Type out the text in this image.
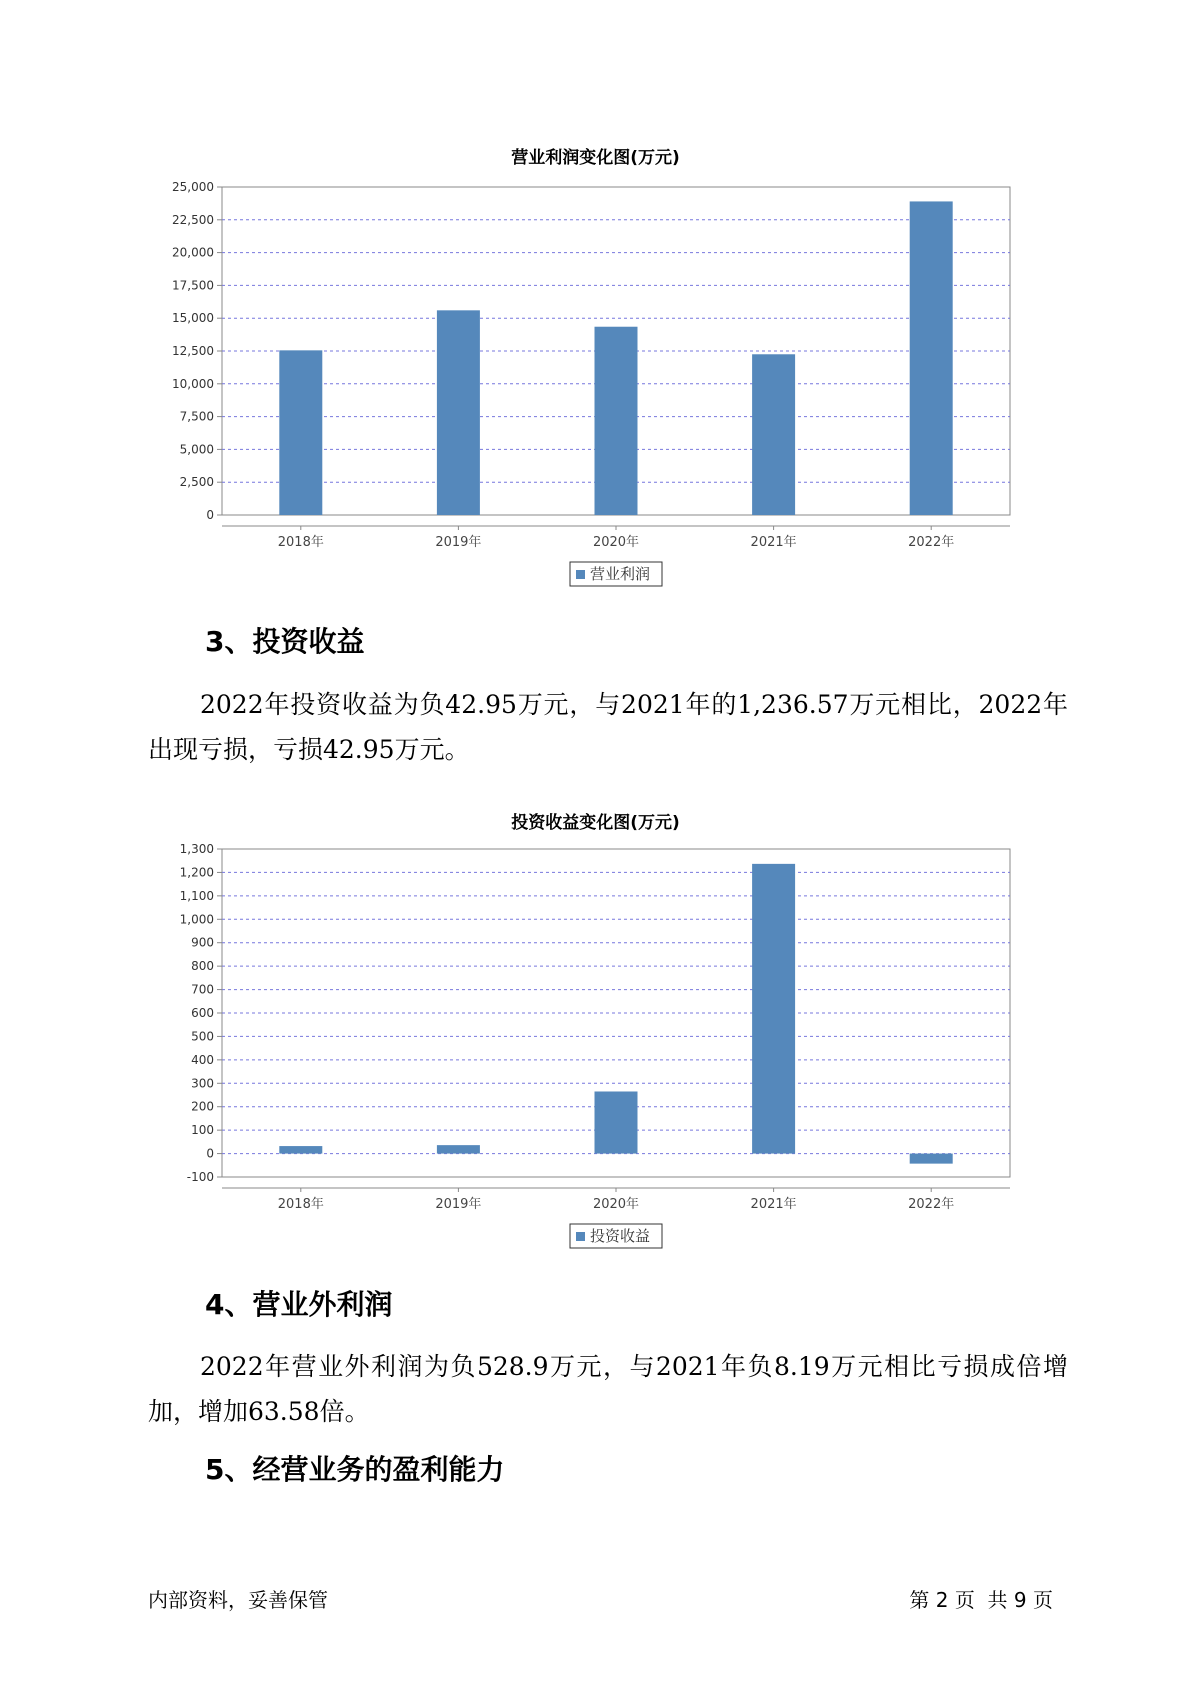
营业利润变化图(万元)
0
2,500
5,000
7,500
10,000
12,500
15,000
17,500
20,000
22,500
25,000
2018年	2019年	2020年	2021年	2022年
营业利润
3、投资收益

2022年投资收益为负42.95万元，与2021年的1,236.57万元相比，2022年出现亏损，亏损42.95万元。

投资收益变化图(万元)
-100
0
100
200
300
400
500
600
700
800
900
1,000
1,100
1,200
1,300
2018年	2019年	2020年	2021年	2022年
投资收益
4、营业外利润

2022年营业外利润为负528.9万元，与2021年负8.19万元相比亏损成倍增加，增加63.58倍。

5、经营业务的盈利能力
内部资料，妥善保管	第 2 页  共 9 页
